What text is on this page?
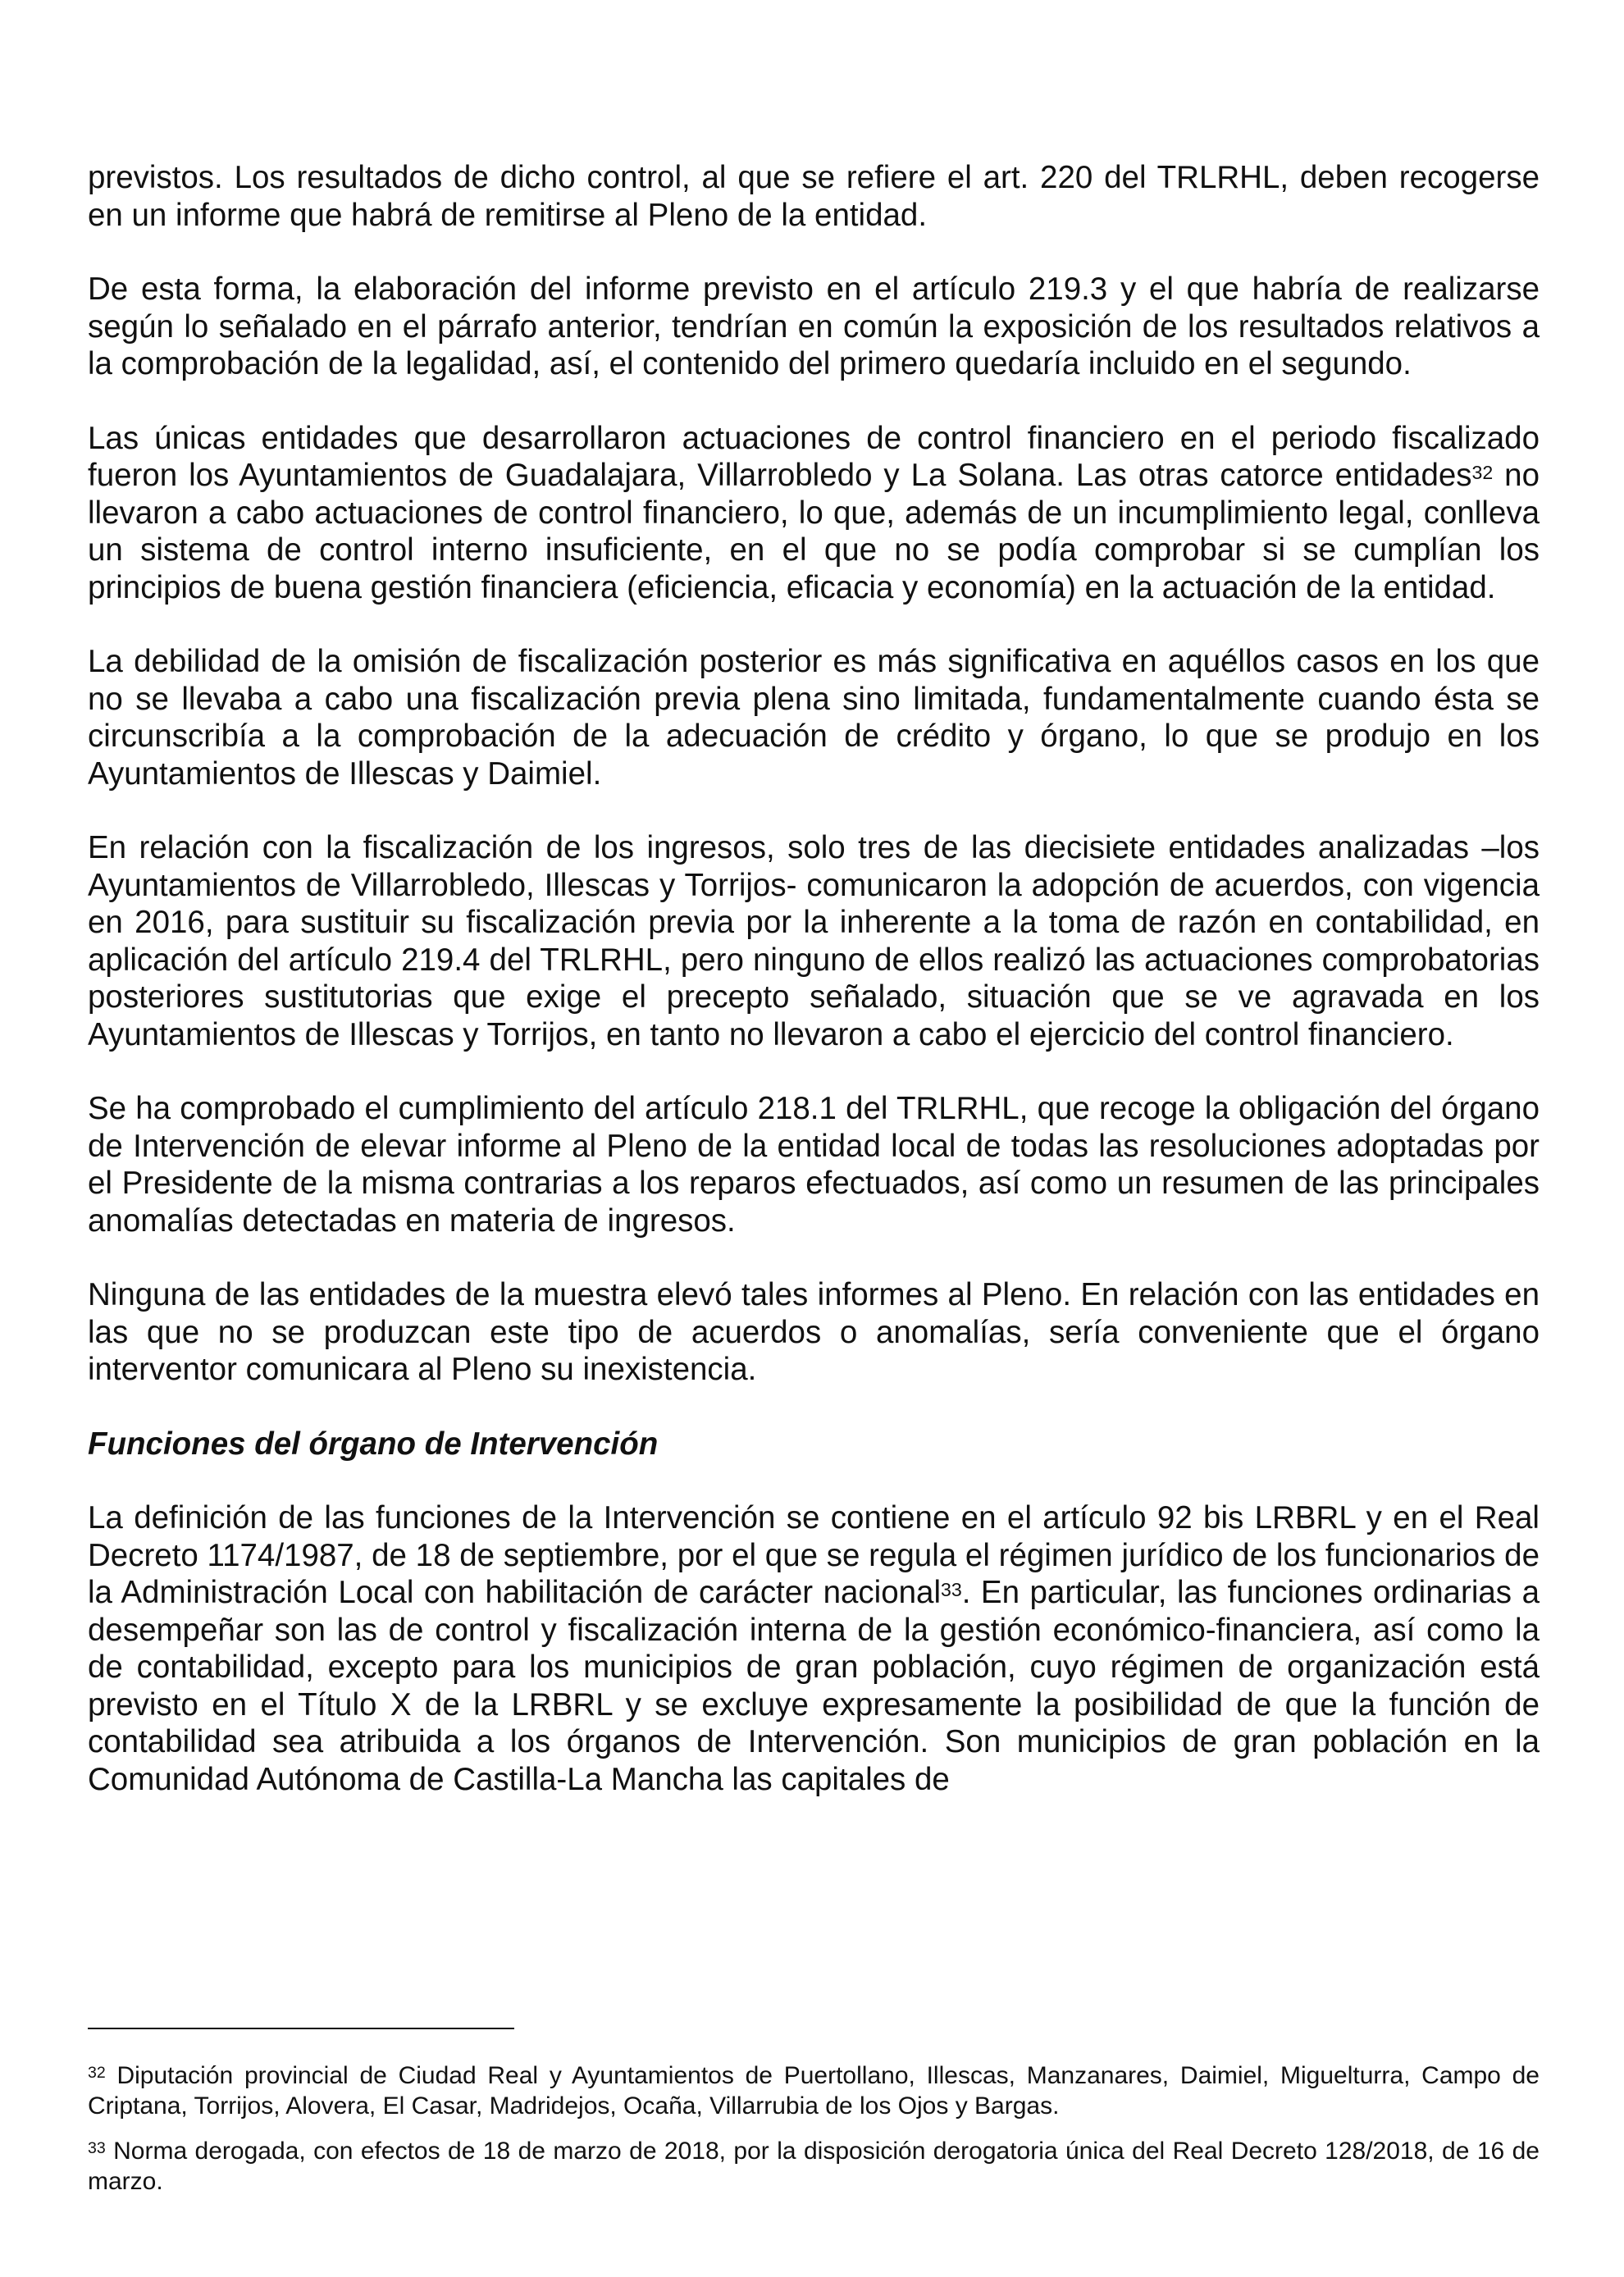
previstos. Los resultados de dicho control, al que se refiere el art. 220 del TRLRHL, deben recogerse en un informe que habrá de remitirse al Pleno de la entidad.

De esta forma, la elaboración del informe previsto en el artículo 219.3 y el que habría de realizarse según lo señalado en el párrafo anterior, tendrían en común la exposición de los resultados relativos a la comprobación de la legalidad, así, el contenido del primero quedaría incluido en el segundo.

Las únicas entidades que desarrollaron actuaciones de control financiero en el periodo fiscalizado fueron los Ayuntamientos de Guadalajara, Villarrobledo y La Solana. Las otras catorce entidades$^{32}$ no llevaron a cabo actuaciones de control financiero, lo que, además de un incumplimiento legal, conlleva un sistema de control interno insuficiente, en el que no se podía comprobar si se cumplían los principios de buena gestión financiera (eficiencia, eficacia y economía) en la actuación de la entidad.

La debilidad de la omisión de fiscalización posterior es más significativa en aquéllos casos en los que no se llevaba a cabo una fiscalización previa plena sino limitada, fundamentalmente cuando ésta se circunscribía a la comprobación de la adecuación de crédito y órgano, lo que se produjo en los Ayuntamientos de Illescas y Daimiel.

En relación con la fiscalización de los ingresos, solo tres de las diecisiete entidades analizadas –los Ayuntamientos de Villarrobledo, Illescas y Torrijos- comunicaron la adopción de acuerdos, con vigencia en 2016, para sustituir su fiscalización previa por la inherente a la toma de razón en contabilidad, en aplicación del artículo 219.4 del TRLRHL, pero ninguno de ellos realizó las actuaciones comprobatorias posteriores sustitutorias que exige el precepto señalado, situación que se ve agravada en los Ayuntamientos de Illescas y Torrijos, en tanto no llevaron a cabo el ejercicio del control financiero.

Se ha comprobado el cumplimiento del artículo 218.1 del TRLRHL, que recoge la obligación del órgano de Intervención de elevar informe al Pleno de la entidad local de todas las resoluciones adoptadas por el Presidente de la misma contrarias a los reparos efectuados, así como un resumen de las principales anomalías detectadas en materia de ingresos.

Ninguna de las entidades de la muestra elevó tales informes al Pleno. En relación con las entidades en las que no se produzcan este tipo de acuerdos o anomalías, sería conveniente que el órgano interventor comunicara al Pleno su inexistencia.

Funciones del órgano de Intervención

La definición de las funciones de la Intervención se contiene en el artículo 92 bis LRBRL y en el Real Decreto 1174/1987, de 18 de septiembre, por el que se regula el régimen jurídico de los funcionarios de la Administración Local con habilitación de carácter nacional$^{33}$. En particular, las funciones ordinarias a desempeñar son las de control y fiscalización interna de la gestión económico-financiera, así como la de contabilidad, excepto para los municipios de gran población, cuyo régimen de organización está previsto en el Título X de la LRBRL y se excluye expresamente la posibilidad de que la función de contabilidad sea atribuida a los órganos de Intervención. Son municipios de gran población en la Comunidad Autónoma de Castilla-La Mancha las capitales de

$^{32}$ Diputación provincial de Ciudad Real y Ayuntamientos de Puertollano, Illescas, Manzanares, Daimiel, Miguelturra, Campo de Criptana, Torrijos, Alovera, El Casar, Madridejos, Ocaña, Villarrubia de los Ojos y Bargas.

$^{33}$ Norma derogada, con efectos de 18 de marzo de 2018, por la disposición derogatoria única del Real Decreto 128/2018, de 16 de marzo.
